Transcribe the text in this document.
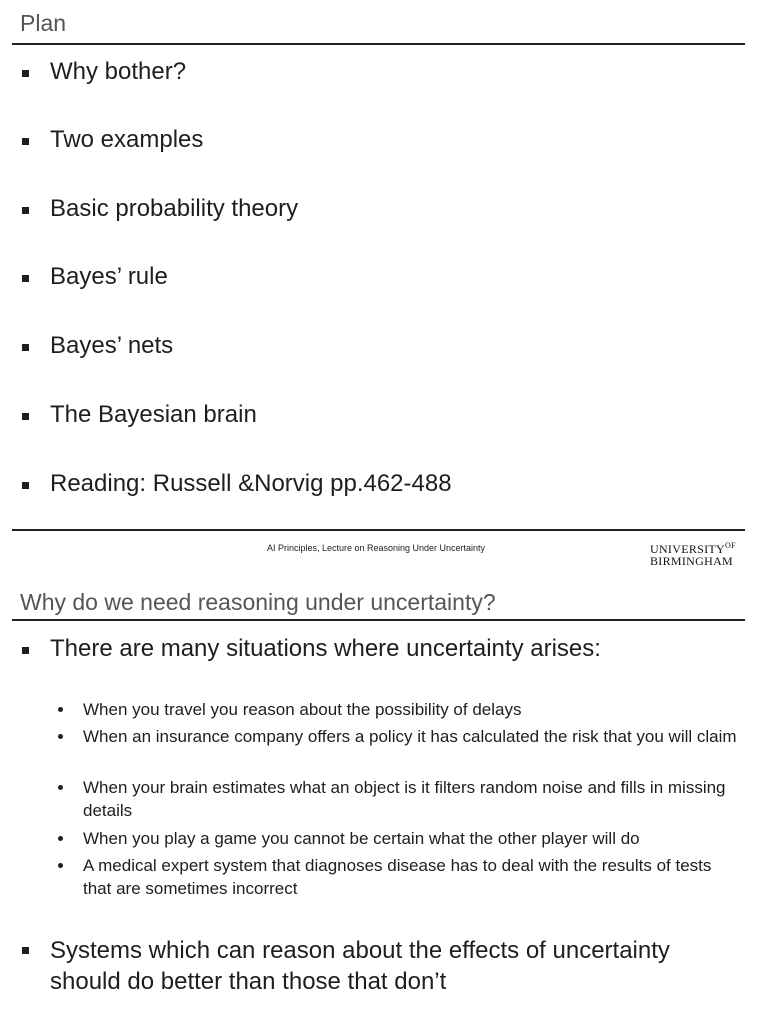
Plan
Why bother?
Two examples
Basic probability theory
Bayes’ rule
Bayes’ nets
The Bayesian brain
Reading: Russell &Norvig pp.462-488
AI Principles, Lecture on Reasoning Under Uncertainty	$UNIVERSITY^{OF}$
BIRMINGHAM
Why do we need reasoning under uncertainty?
There are many situations where uncertainty arises:
When you travel you reason about the possibility of delays
When an insurance company offers a policy it has calculated the risk that you will claim
When your brain estimates what an object is it filters random noise and fills in missing details
When you play a game you cannot be certain what the other player will do
A medical expert system that diagnoses disease has to deal with the results of tests that are sometimes incorrect
Systems which can reason about the effects of uncertainty should do better than those that don’t
